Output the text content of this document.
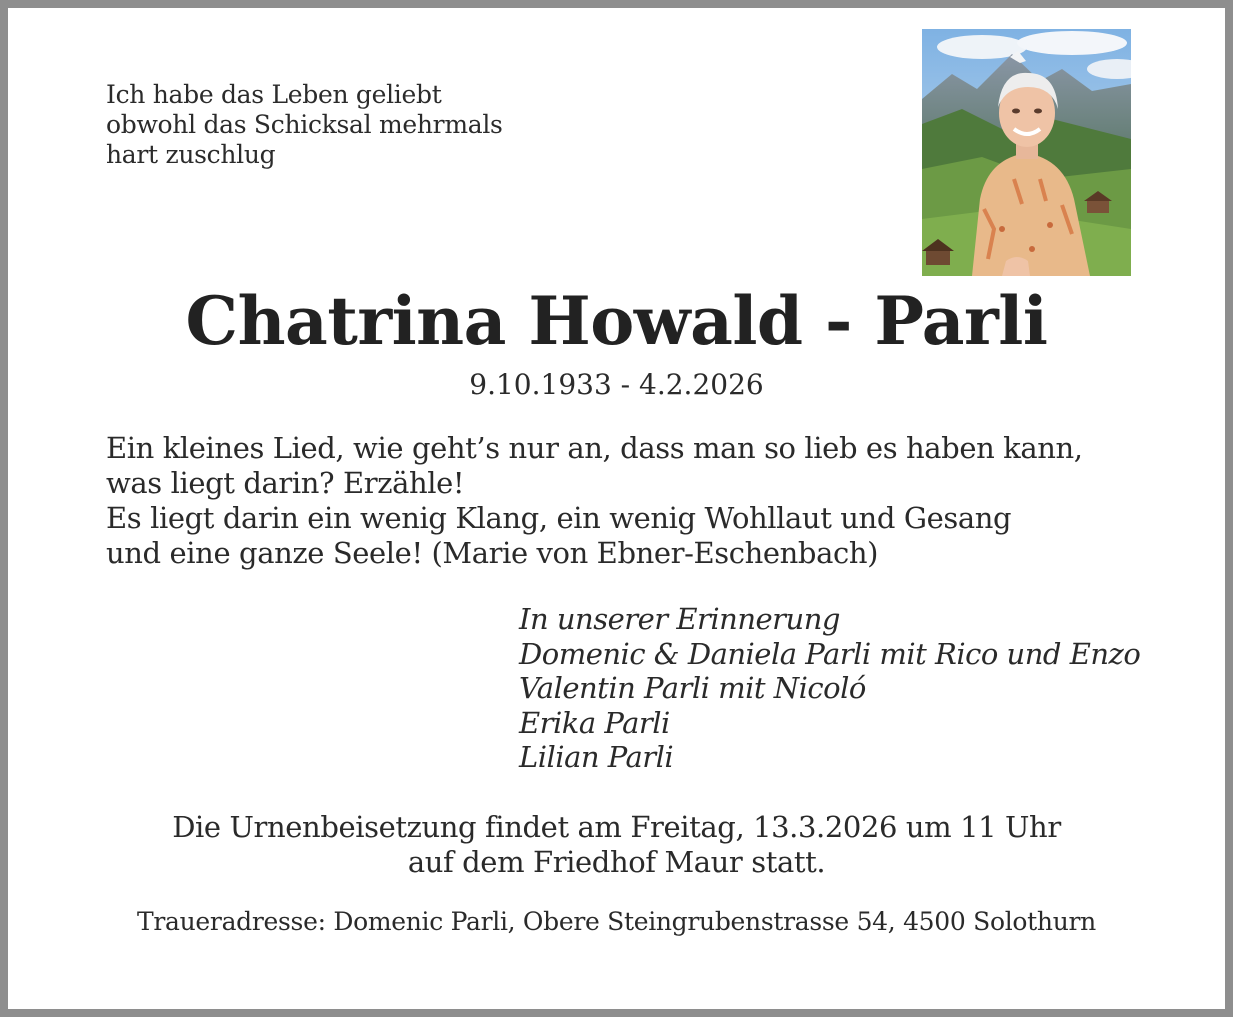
Ich habe das Leben geliebt
obwohl das Schicksal mehrmals
hart zuschlug
Chatrina Howald - Parli
9.10.1933 - 4.2.2026
Ein kleines Lied, wie geht’s nur an, dass man so lieb es haben kann,
was liegt darin? Erzähle!
Es liegt darin ein wenig Klang, ein wenig Wohllaut und Gesang
und eine ganze Seele! (Marie von Ebner-Eschenbach)
In unserer Erinnerung
Domenic & Daniela Parli mit Rico und Enzo
Valentin Parli mit Nicoló
Erika Parli
Lilian Parli
Die Urnenbeisetzung findet am Freitag, 13.3.2026 um 11 Uhr
auf dem Friedhof Maur statt.
Traueradresse: Domenic Parli, Obere Steingrubenstrasse 54, 4500 Solothurn
